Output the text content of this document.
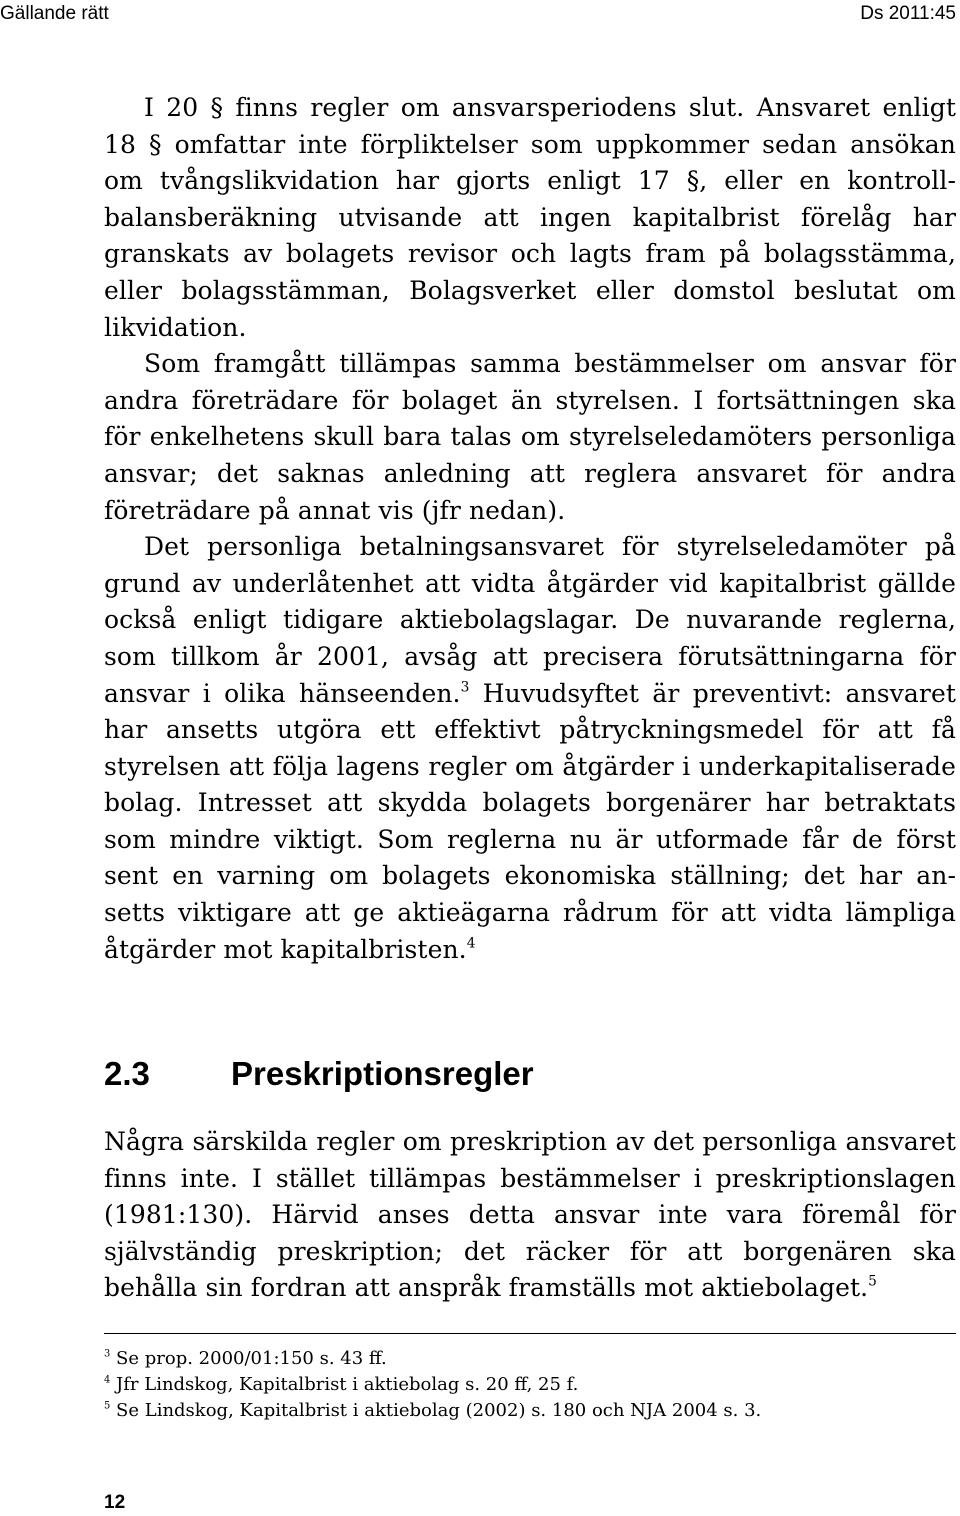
Gällande rätt	Ds 2011:45

I 20 § finns regler om ansvarsperiodens slut. Ansvaret enligt 18 § omfattar inte förpliktelser som uppkommer sedan ansökan om tvångslikvidation har gjorts enligt 17 §, eller en kontroll-balansberäkning utvisande att ingen kapitalbrist förelåg har granskats av bolagets revisor och lagts fram på bolagsstämma, eller bolagsstämman, Bolagsverket eller domstol beslutat om likvidation.

Som framgått tillämpas samma bestämmelser om ansvar för andra företrädare för bolaget än styrelsen. I fortsättningen ska för enkelhetens skull bara talas om styrelseledamöters personliga ansvar; det saknas anledning att reglera ansvaret för andra företrädare på annat vis (jfr nedan).

Det personliga betalningsansvaret för styrelseledamöter på grund av underlåtenhet att vidta åtgärder vid kapitalbrist gällde också enligt tidigare aktiebolagslagar. De nuvarande reglerna, som tillkom år 2001, avsåg att precisera förutsättningarna för ansvar i olika hänseenden.$^3$ Huvudsyftet är preventivt: ansvaret har ansetts utgöra ett effektivt påtryckningsmedel för att få styrelsen att följa lagens regler om åtgärder i underkapitaliserade bolag. Intresset att skydda bolagets borgenärer har betraktats som mindre viktigt. Som reglerna nu är utformade får de först sent en varning om bolagets ekonomiska ställning; det har an-setts viktigare att ge aktieägarna rådrum för att vidta lämpliga åtgärder mot kapitalbristen.$^4$

2.3 Preskriptionsregler

Några särskilda regler om preskription av det personliga ansvaret finns inte. I stället tillämpas bestämmelser i preskriptionslagen (1981:130). Härvid anses detta ansvar inte vara föremål för självständig preskription; det räcker för att borgenären ska behålla sin fordran att anspråk framställs mot aktiebolaget.$^5$

$^3$ Se prop. 2000/01:150 s. 43 ff.
$^4$ Jfr Lindskog, Kapitalbrist i aktiebolag s. 20 ff, 25 f.
$^5$ Se Lindskog, Kapitalbrist i aktiebolag (2002) s. 180 och NJA 2004 s. 3.
12
